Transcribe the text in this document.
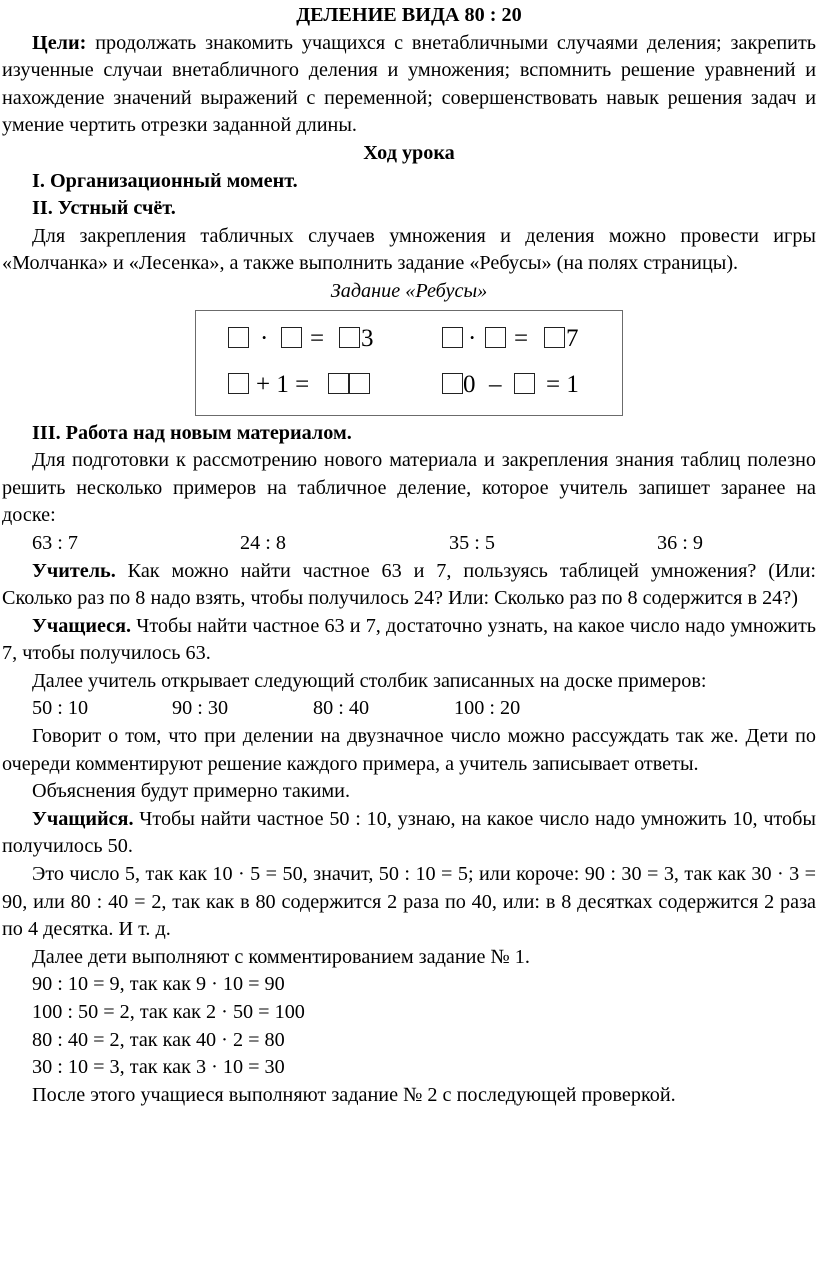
ДЕЛЕНИЕ ВИДА 80 : 20

Цели: продолжать знакомить учащихся с внетабличными случаями деления; закрепить изученные случаи внетабличного деления и умножения; вспомнить решение уравнений и нахождение значений выражений с переменной; совершенствовать навык решения задач и умение чертить отрезки заданной длины.

Ход урока

I. Организационный момент.

II. Устный счёт.

Для закрепления табличных случаев умножения и деления можно провести игры «Молчанка» и «Лесенка», а также выполнить задание «Ребусы» (на полях страницы).

Задание «Ребусы»

· = 3	· = 7
+ 1 =	0 – = 1

III. Работа над новым материалом.

Для подготовки к рассмотрению нового материала и закрепления знания таблиц полезно решить несколько примеров на табличное деление, которое учитель запишет заранее на доске:

63 : 7	24 : 8	35 : 5	36 : 9

Учитель. Как можно найти частное 63 и 7, пользуясь таблицей умножения? (Или: Сколько раз по 8 надо взять, чтобы получилось 24? Или: Сколько раз по 8 содержится в 24?)

Учащиеся. Чтобы найти частное 63 и 7, достаточно узнать, на какое число надо умножить 7, чтобы получилось 63.

Далее учитель открывает следующий столбик записанных на доске примеров:

50 : 10	90 : 30	80 : 40	100 : 20

Говорит о том, что при делении на двузначное число можно рассуждать так же. Дети по очереди комментируют решение каждого примера, а учитель записывает ответы.

Объяснения будут примерно такими.

Учащийся. Чтобы найти частное 50 : 10, узнаю, на какое число надо умножить 10, чтобы получилось 50.

Это число 5, так как 10 · 5 = 50, значит, 50 : 10 = 5; или короче: 90 : 30 = 3, так как 30 · 3 = 90, или 80 : 40 = 2, так как в 80 содержится 2 раза по 40, или: в 8 десятках содержится 2 раза по 4 десятка. И т. д.

Далее дети выполняют с комментированием задание № 1.

90 : 10 = 9, так как 9 · 10 = 90

100 : 50 = 2, так как 2 · 50 = 100

80 : 40 = 2, так как 40 · 2 = 80

30 : 10 = 3, так как 3 · 10 = 30

После этого учащиеся выполняют задание № 2 с последующей проверкой.
